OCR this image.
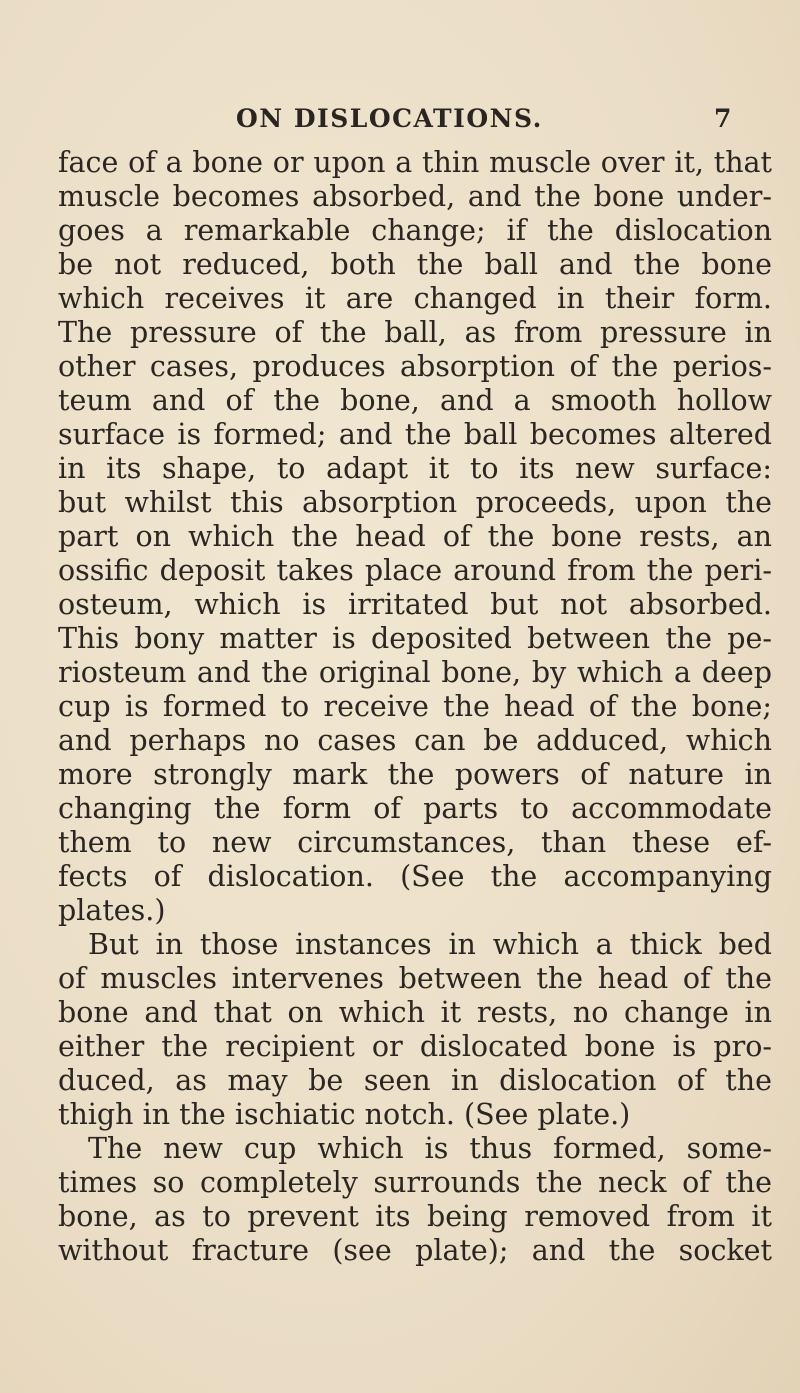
ON DISLOCATIONS.	7
face of a bone or upon a thin muscle over it, that
muscle becomes absorbed, and the bone under-
goes a remarkable change; if the dislocation
be not reduced, both the ball and the bone
which receives it are changed in their form.
The pressure of the ball, as from pressure in
other cases, produces absorption of the perios-
teum and of the bone, and a smooth hollow
surface is formed; and the ball becomes altered
in its shape, to adapt it to its new surface:
but whilst this absorption proceeds, upon the
part on which the head of the bone rests, an
ossific deposit takes place around from the peri-
osteum, which is irritated but not absorbed.
This bony matter is deposited between the pe-
riosteum and the original bone, by which a deep
cup is formed to receive the head of the bone;
and perhaps no cases can be adduced, which
more strongly mark the powers of nature in
changing the form of parts to accommodate
them to new circumstances, than these ef-
fects of dislocation. (See the accompanying
plates.)
But in those instances in which a thick bed
of muscles intervenes between the head of the
bone and that on which it rests, no change in
either the recipient or dislocated bone is pro-
duced, as may be seen in dislocation of the
thigh in the ischiatic notch. (See plate.)
The new cup which is thus formed, some-
times so completely surrounds the neck of the
bone, as to prevent its being removed from it
without fracture (see plate); and the socket
